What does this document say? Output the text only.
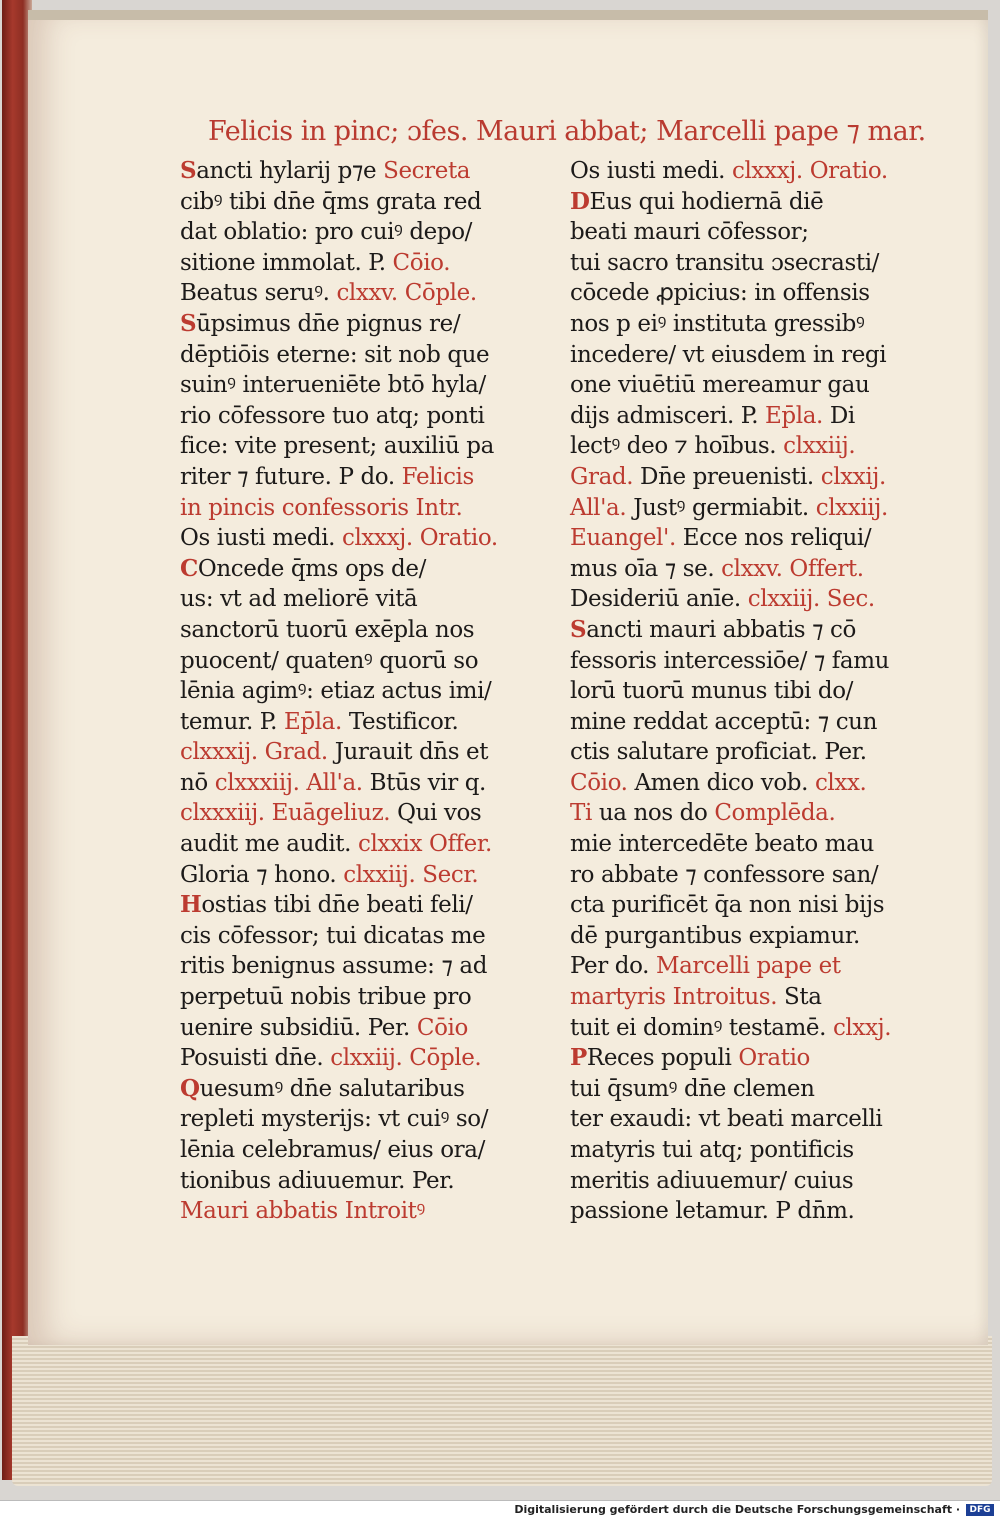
Felicis in pinc; ɔfes. Mauri abbat; Marcelli pape ⁊ mar.
Sancti hylarij p⁊e Secreta
cibꝰ tibi dn̄e q̄ms grata red
dat oblatio: pro cuiꝰ depo/
sitione immolat. P. Cōio.
Beatus seruꝰ. clxxv. Cōple.
Sūpsimus dn̄e pignus re/
dēptiōis eterne: sit nob que
suinꝰ interueniēte btō hyla/
rio cōfessore tuo atq; ponti
fice: vite present; auxiliū pa
riter ⁊ future. P do. Felicis
in pincis confessoris Intr.
Os iusti medi. clxxxj. Oratio.
COncede q̄ms ops de/
us: vt ad meliorē vitā
sanctorū tuorū exēpla nos
puocent/ quatenꝰ quorū so
lēnia agimꝰ: etiaz actus imi/
temur. P. Ep̄la. Testificor.
clxxxij. Grad. Jurauit dn̄s et
nō clxxxiij. All'a. Btūs vir q.
clxxxiij. Euāgeliuz. Qui vos
audit me audit. clxxix Offer.
Gloria ⁊ hono. clxxiij. Secr.
Hostias tibi dn̄e beati feli/
cis cōfessor; tui dicatas me
ritis benignus assume: ⁊ ad
perpetuū nobis tribue pro
uenire subsidiū. Per. Cōio
Posuisti dn̄e. clxxiij. Cōple.
Quesumꝰ dn̄e salutaribus
repleti mysterijs: vt cuiꝰ so/
lēnia celebramus/ eius ora/
tionibus adiuuemur. Per.
Mauri abbatis Introitꝰ
Os iusti medi. clxxxj. Oratio.
DEus qui hodiernā diē
beati mauri cōfessor;
tui sacro transitu ɔsecrasti/
cōcede ꝓpicius: in offensis
nos p eiꝰ instituta gressibꝰ
incedere/ vt eiusdem in regi
one viuētiū mereamur gau
dijs admisceri. P. Ep̄la. Di
lectꝰ deo ⁊ hoībus. clxxiij.
Grad. Dn̄e preuenisti. clxxij.
All'a. Justꝰ germiabit. clxxiij.
Euangel'. Ecce nos reliqui/
mus oīa ⁊ se. clxxv. Offert.
Desideriū anīe. clxxiij. Sec.
Sancti mauri abbatis ⁊ cō
fessoris intercessiōe/ ⁊ famu
lorū tuorū munus tibi do/
mine reddat acceptū: ⁊ cun
ctis salutare proficiat. Per.
Cōio. Amen dico vob. clxx.
Ti ua nos do Complēda.
mie intercedēte beato mau
ro abbate ⁊ confessore san/
cta purificēt q̄a non nisi bijs
dē purgantibus expiamur.
Per do. Marcelli pape et
martyris Introitus. Sta
tuit ei dominꝰ testamē. clxxj.
PReces populi Oratio
tui q̄sumꝰ dn̄e clemen
ter exaudi: vt beati marcelli
matyris tui atq; pontificis
meritis adiuuemur/ cuius
passione letamur. P dn̄m.
Digitalisierung gefördert durch die Deutsche Forschungsgemeinschaft ·	DFG
